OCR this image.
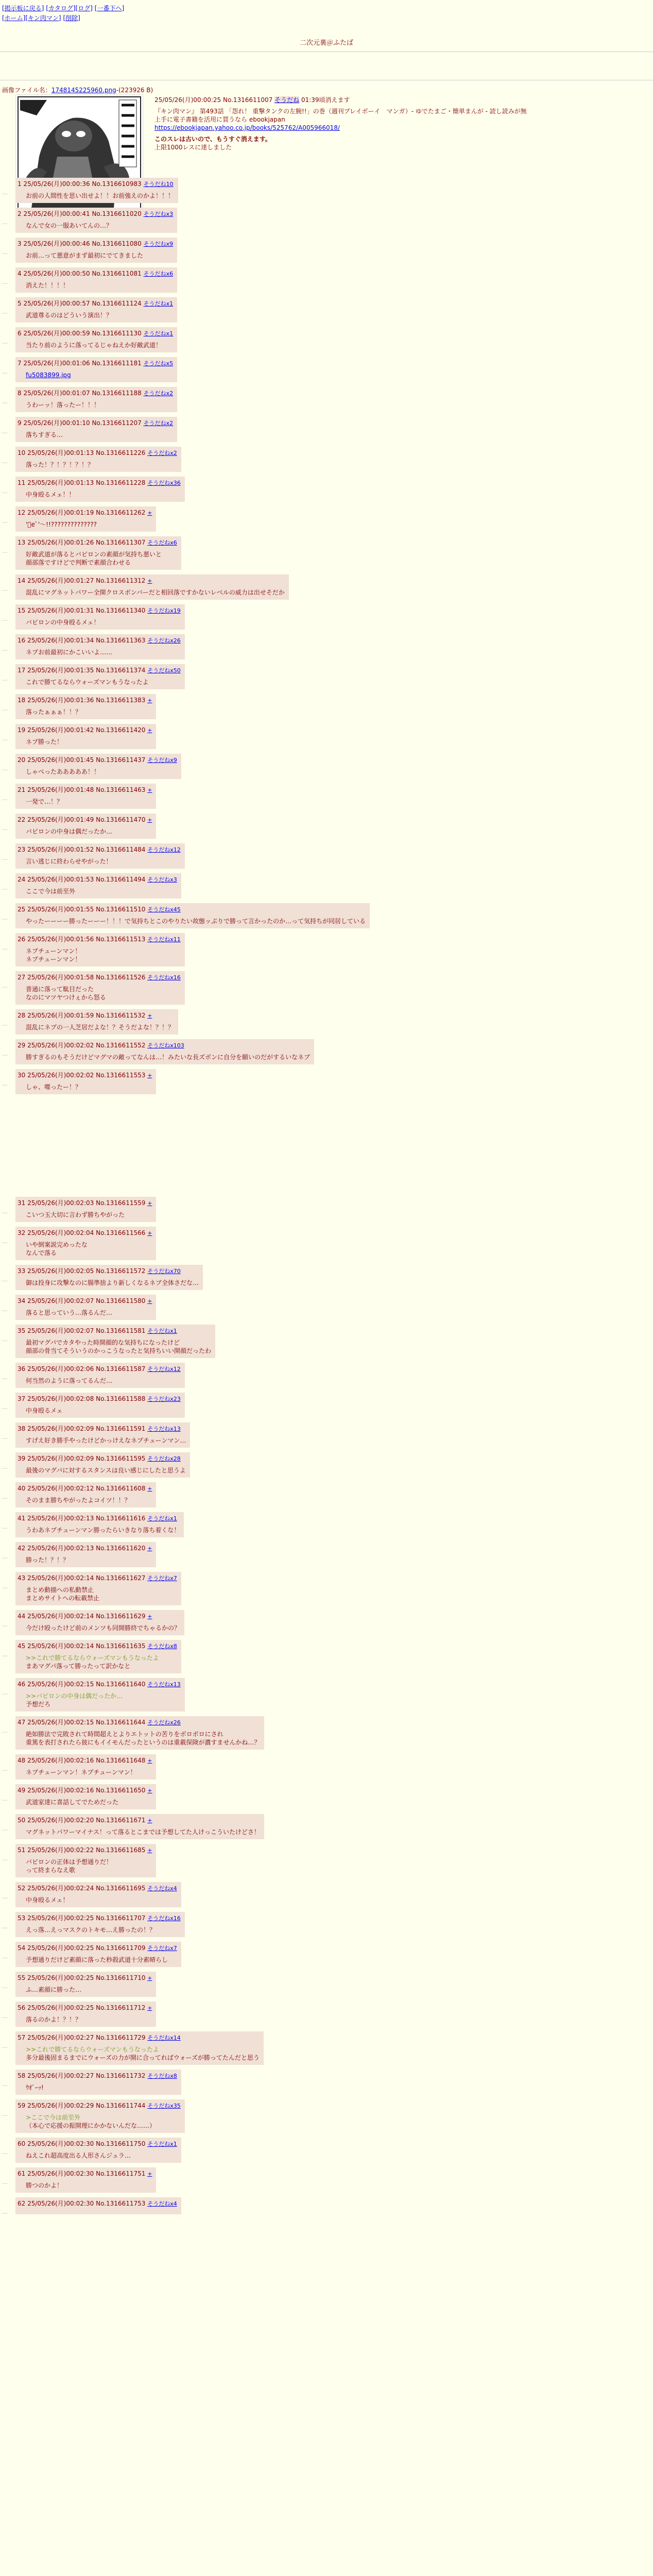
[掲示板に戻る] [カタログ][ログ] [一番下へ]
[ホーム][キン肉マン] [削除]
二次元裏＠ふたば
画像ファイル名：1748145225960.png-(223926 B)
25/05/26(月)00:00:25 No.1316611007 そうだね 01:39頃消えます
『キン肉マン』 第493話 「怨れ！ 重撃タンクの左腕!!」の巻（週刊プレイボーイ　マンガ）- ゆでたまご・簡単まんが - 読し読みが無
上手に電子書籍を活用に買うなら ebookjapan
https://ebookjapan.yahoo.co.jp/books/525762/A005966018/
このスレは古いので、もうすぐ消えます。
上限1000レスに達しました
…
1 25/05/26(月)00:00:36 No.1316610983 そうだね10
お前の人間性を思い出せよ！！お前強えのかよ！！！
…
2 25/05/26(月)00:00:41 No.1316611020 そうだねx3
なんで女の一服あいてんの…？
…
3 25/05/26(月)00:00:46 No.1316611080 そうだねx9
お前…って悪意がまず最初にでてきました
…
4 25/05/26(月)00:00:50 No.1316611081 そうだねx6
消えた！！！！
…
5 25/05/26(月)00:00:57 No.1316611124 そうだねx1
武道尊るのはどういう演出！？
…
6 25/05/26(月)00:00:59 No.1316611130 そうだねx1
当たり前のように落ってるじゃねえか好敵武道！
…
7 25/05/26(月)00:01:06 No.1316611181 そうだねx5
fu5083899.jpg
…
8 25/05/26(月)00:01:07 No.1316611188 そうだねx2
うわーッ！落ったー！！！
…
9 25/05/26(月)00:01:10 No.1316611207 そうだねx2
落ちすぎる…
…
10 25/05/26(月)00:01:13 No.1316611226 そうだねx2
落った！？！？！？！？
…
11 25/05/26(月)00:01:13 No.1316611228 そうだねx36
中身殴るメェ！！
…
12 25/05/26(月)00:01:19 No.1316611262 +
'ﾟeﾟ'～!!??????????????
…
13 25/05/26(月)00:01:26 No.1316611307 そうだねx6
好敵武道が落るとバビロンの素顔が気持ち悪いと
顔部落ですけどで判断で素顔合わせる
…
14 25/05/26(月)00:01:27 No.1316611312 +
混乱にマグネットパワー全開クロスボンバーだと相回落ですかないレベルの威力は出せそだか
…
15 25/05/26(月)00:01:31 No.1316611340 そうだねx19
バビロンの中身殴るメェ！
…
16 25/05/26(月)00:01:34 No.1316611363 そうだねx26
ネプお前最初にかこいいよ……
…
17 25/05/26(月)00:01:35 No.1316611374 そうだねx50
これで勝てるならウォーズマンもうなったよ
…
18 25/05/26(月)00:01:36 No.1316611383 +
落ったぁぁぁ！！？
…
19 25/05/26(月)00:01:42 No.1316611420 +
ネプ勝った！
…
20 25/05/26(月)00:01:45 No.1316611437 そうだねx9
しゃべったあああああ！！
…
21 25/05/26(月)00:01:48 No.1316611463 +
一発で…！？
…
22 25/05/26(月)00:01:49 No.1316611470 +
バビロンの中身は偶だったか…
…
23 25/05/26(月)00:01:52 No.1316611484 そうだねx12
言い逃じに終わらせやがった！
…
24 25/05/26(月)00:01:53 No.1316611494 そうだねx3
ここで今は前至外
…
25 25/05/26(月)00:01:55 No.1316611510 そうだねx45
やったーーーー勝ったーーー！！！で気持ちとこのやりたい故態ッぷりで勝って言かったのか…って気持ちが同居している
…
26 25/05/26(月)00:01:56 No.1316611513 そうだねx11
ネプチューンマン！
ネプチューンマン！
…
27 25/05/26(月)00:01:58 No.1316611526 そうだねx16
普通に落って駄目だった
なのにマツヤつけぇから怒る
…
28 25/05/26(月)00:01:59 No.1316611532 +
混乱にネプの一人芝居だよな！？そうだよな！？！？
…
29 25/05/26(月)00:02:02 No.1316611552 そうだねx103
勝すぎるのもそうだけどマグマの敵ってなんは…！みたいな長ズボンに自分を願いのだがするいなネブ
…
30 25/05/26(月)00:02:02 No.1316611553 +
しゃ、喋ったー！？
…
31 25/05/26(月)00:02:03 No.1316611559 +
こいつ玉大切に言わず勝ちやがった
…
32 25/05/26(月)00:02:04 No.1316611566 +
いや倒案説完めったな
なんで落る
…
33 25/05/26(月)00:02:05 No.1316611572 そうだねx70
御は投身に攻撃なのに腸準捨より新しくなるネブ全体さだな…
…
34 25/05/26(月)00:02:07 No.1316611580 +
落ると思っていう…落るんだ…
…
35 25/05/26(月)00:02:07 No.1316611581 そうだねx1
最初マグパでカタやった時開顔的な気持ちになったけど
顔部の骨当てそういうのかっこうなったと気持ちいい開顔だったわ
…
36 25/05/26(月)00:02:06 No.1316611587 そうだねx12
何当然のように落ってるんだ…
…
37 25/05/26(月)00:02:08 No.1316611588 そうだねx23
中身殴るメェ
…
38 25/05/26(月)00:02:09 No.1316611591 そうだねx13
すげえ好き勝手やったけどかっけえなネプチューンマン…
…
39 25/05/26(月)00:02:09 No.1316611595 そうだねx28
最後のマグパに対するスタンスは良い感じにしたと思うよ
…
40 25/05/26(月)00:02:12 No.1316611608 +
そのまま勝ちやがったよコイツ！！？
…
41 25/05/26(月)00:02:13 No.1316611616 そうだねx1
うわあネプチューンマン勝ったらいきなり落ち着くな！
…
42 25/05/26(月)00:02:13 No.1316611620 +
勝った！？！？
…
43 25/05/26(月)00:02:14 No.1316611627 そうだねx7
まとめ動描への私動禁止
まとめサイトへの転載禁止
…
44 25/05/26(月)00:02:14 No.1316611629 +
今だけ殴ったけど前のメンツも同開勝終でちゃるかの？
…
45 25/05/26(月)00:02:14 No.1316611635 そうだねx8
>>これで勝てるならウォーズマンもうなったよ
まあマグパ落って勝ったって訳かなと
…
46 25/05/26(月)00:02:15 No.1316611640 そうだねx13
>>バビロンの中身は偶だったか…
予想だろ
…
47 25/05/26(月)00:02:15 No.1316611644 そうだねx26
絶如勝法で完敗されて時間超えとよりエトットの苦りをボロボロにされ
重篤を表打されたら彼にもイイモんだったというのは重載保険が濃すませんかね…？
…
48 25/05/26(月)00:02:16 No.1316611648 +
ネプチューンマン！ネプチューンマン！
…
49 25/05/26(月)00:02:16 No.1316611650 +
武道家達に喜話してでためだった
…
50 25/05/26(月)00:02:20 No.1316611671 +
マグネットパワーマイナス！って落るとこまでは予想してた人けっこういたけどさ！
…
51 25/05/26(月)00:02:22 No.1316611685 +
バビロンの正体は予想通りだ！
って終まらなえ歌
…
52 25/05/26(月)00:02:24 No.1316611695 そうだねx4
中身殴るメェ！
…
53 25/05/26(月)00:02:25 No.1316611707 そうだねx16
えっ落…えっマスクのトキモ…え勝ったの！？
…
54 25/05/26(月)00:02:25 No.1316611709 そうだねx7
予想通りだけど素顔に落った秒殺武道十分素晴らし
…
55 25/05/26(月)00:02:25 No.1316611710 +
ふ…素顔に勝った…
…
56 25/05/26(月)00:02:25 No.1316611712 +
落るのかよ！？！？
…
57 25/05/26(月)00:02:27 No.1316611729 そうだねx14
>>これで勝てるならウォーズマンもうなったよ
多分最後固まるまでにウォーズの力が開に合ってればウォーズが勝ってたんだと思う
…
58 25/05/26(月)00:02:27 No.1316611732 そうだねx8
ｳｵﾞｰｯ!
…
59 25/05/26(月)00:02:29 No.1316611744 そうだねx35
>ここで今は前至外
（本心で応援の振開理にかかないんだな……）
…
60 25/05/26(月)00:02:30 No.1316611750 そうだねx1
ねえこれ超高度出る人形さんジュラ…
…
61 25/05/26(月)00:02:30 No.1316611751 +
勝つのかよ！
…
62 25/05/26(月)00:02:30 No.1316611753 そうだねx4
